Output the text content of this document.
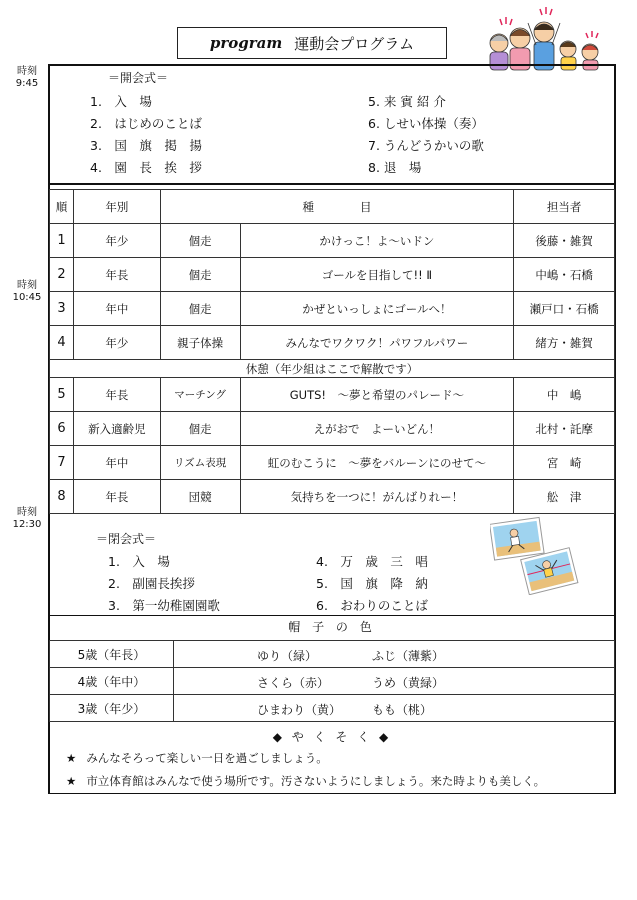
program 運動会プログラム
時刻
9:45
時刻
10:45
時刻
12:30
＝開会式＝
1.　入　場
2.　はじめのことば
3.　国　旗　掲　揚
4.　園　長　挨　拶
5. 来 賓 紹 介
6. しせい体操（奏）
7. うんどうかいの歌
8. 退　場
順	年別	種　　　　目		担当者
1	年少	個走	かけっこ！よ～いドン	後藤・雑賀
2	年長	個走	ゴールを目指して!! Ⅱ	中嶋・石橋
3	年中	個走	かぜといっしょにゴールへ！	瀬戸口・石橋
4	年少	親子体操	みんなでワクワク！パワフルパワー	緒方・雑賀
休憩（年少組はここで解散です）				
5	年長	マーチング	GUTS!　～夢と希望のパレード～	中　嶋
6	新入適齢児	個走	えがおで　よーいどん！	北村・託摩
7	年中	リズム表現	虹のむこうに　～夢をバルーンにのせて～	宮　崎
8	年長	団競	気持ちを一つに！がんばりれー！	舩　津
＝閉会式＝
1.　入　場
2.　副園長挨拶
3.　第一幼稚園園歌
4.　万　歳　三　唱
5.　国　旗　降　納
6.　おわりのことば
帽 子 の 色
5歳（年長）	ゆり（緑） ふじ（薄紫）

4歳（年中）	さくら（赤） うめ（黄緑）

3歳（年少）	ひまわり（黄） もも（桃）
◆ や く そ く ◆
★ みんなそろって楽しい一日を過ごしましょう。
★ 市立体育館はみんなで使う場所です。汚さないようにしましょう。来た時よりも美しく。
